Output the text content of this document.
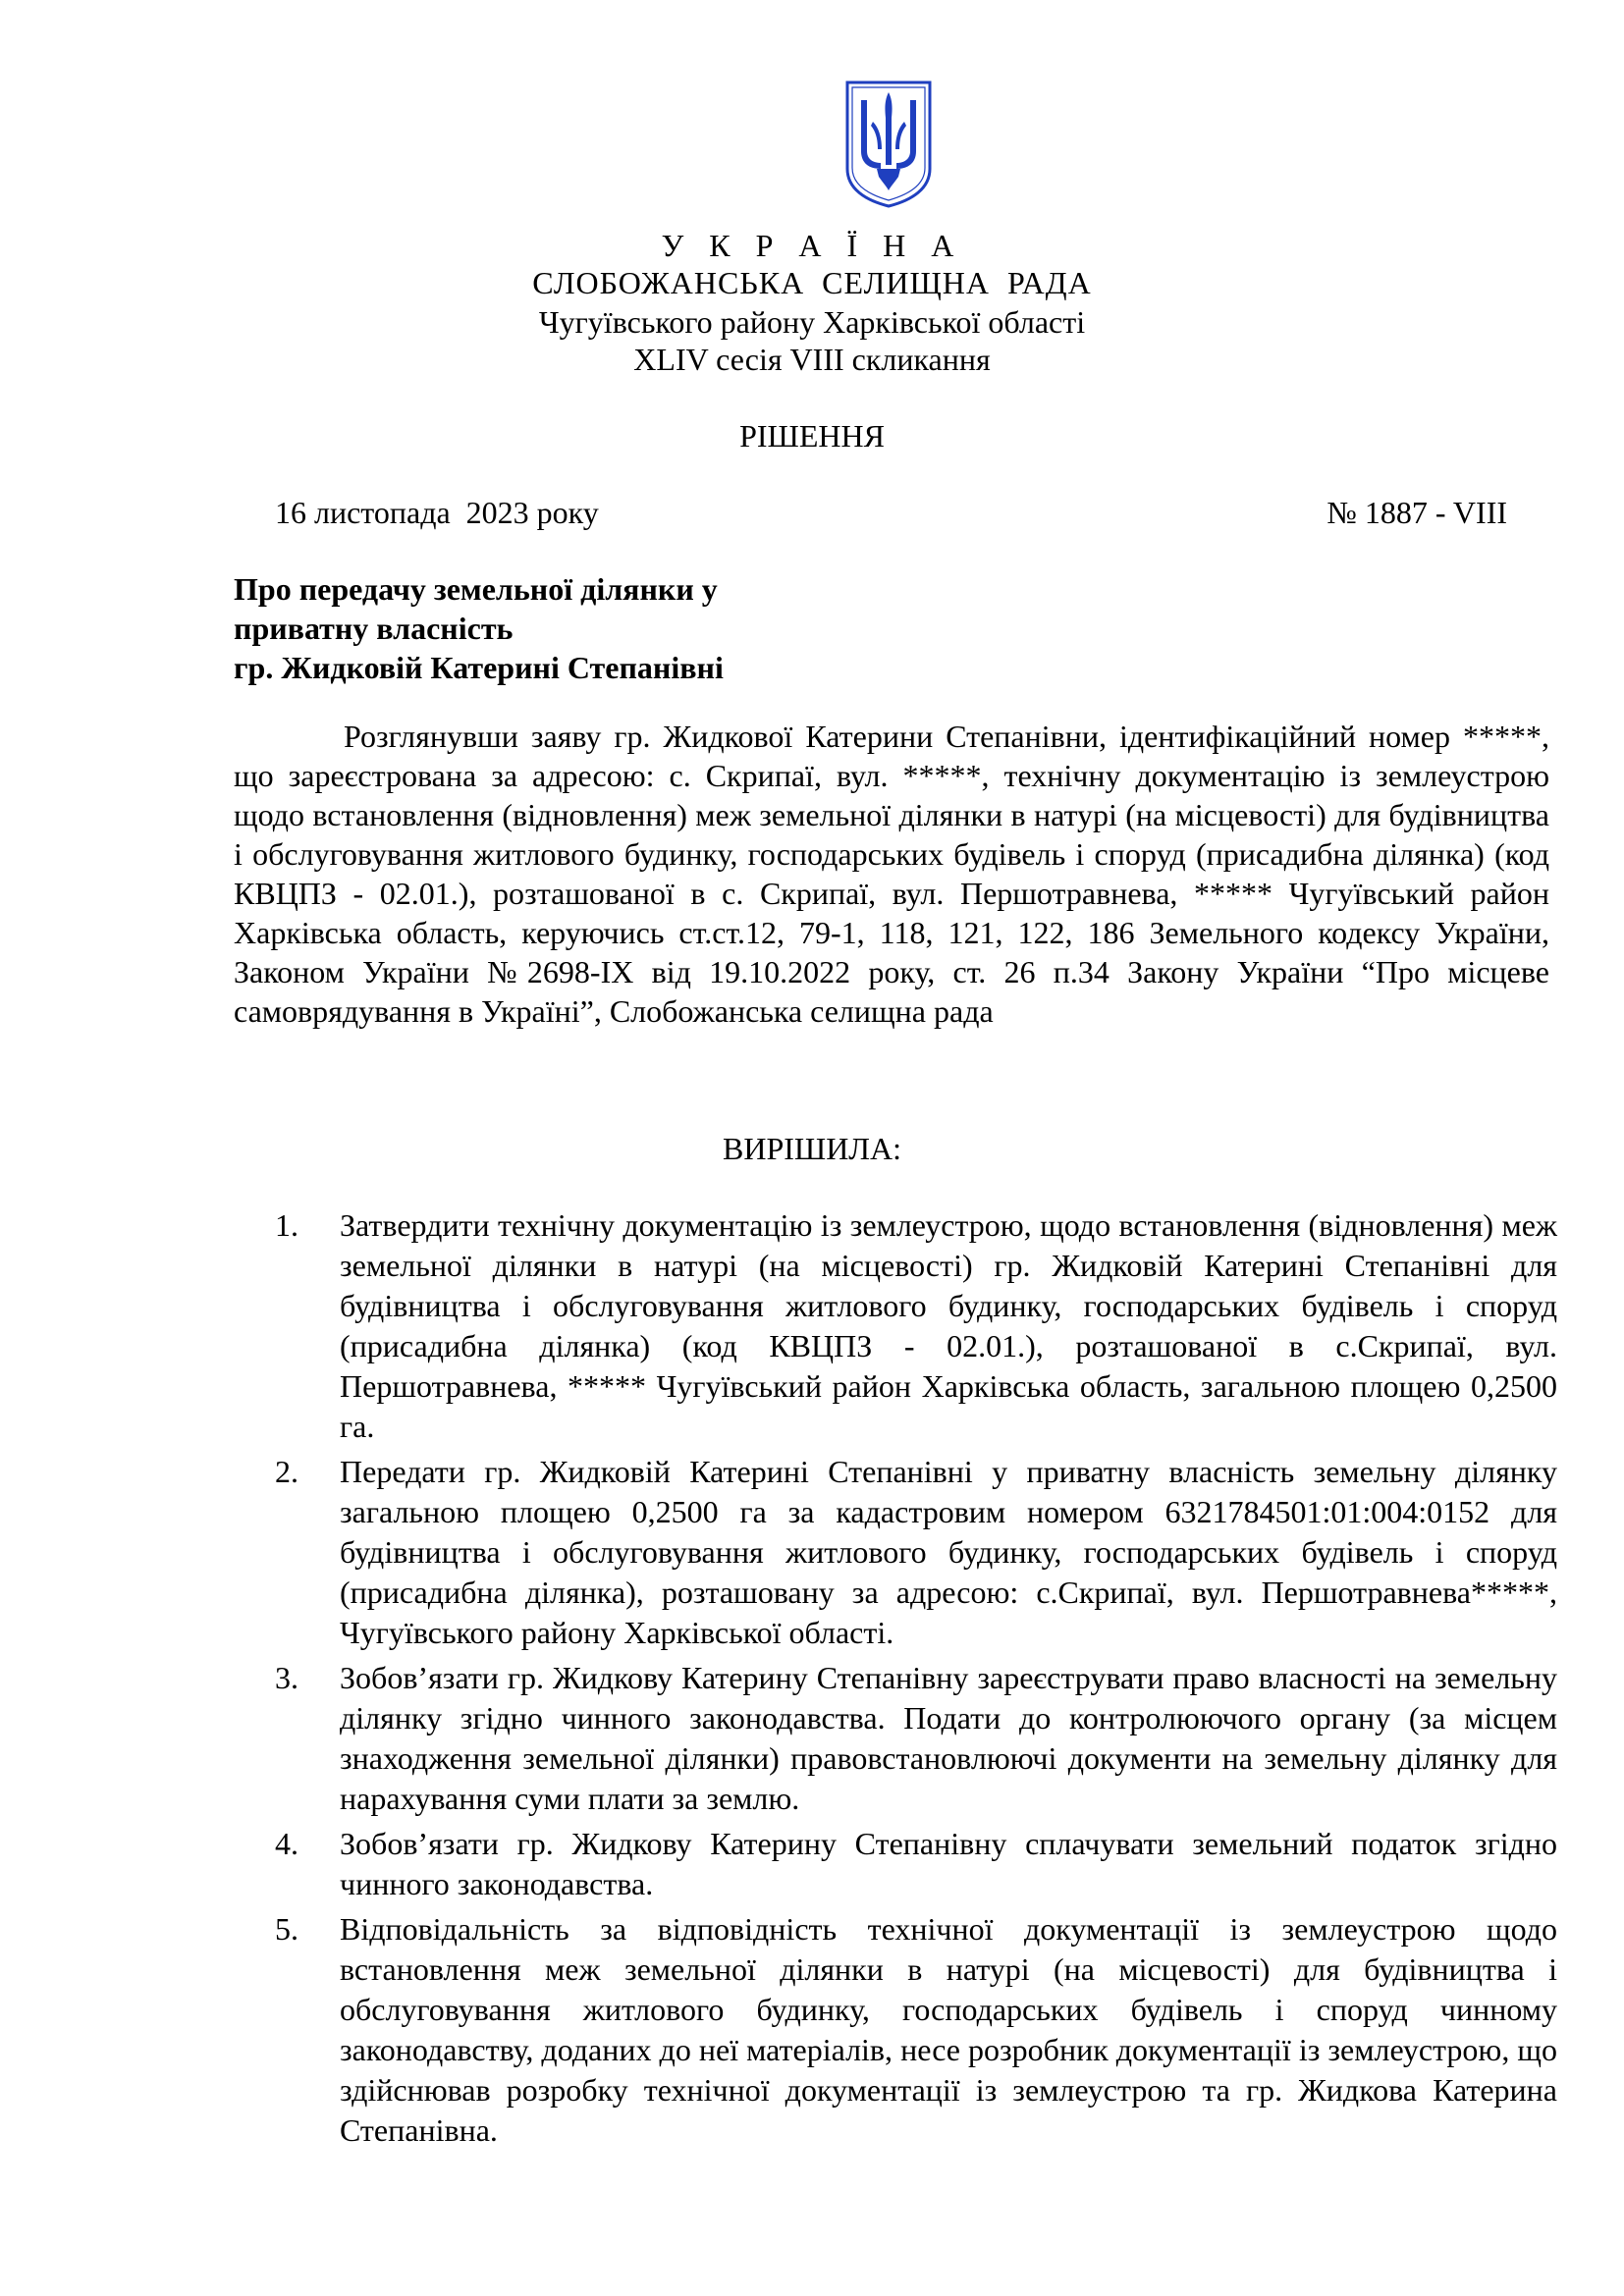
У К Р А Ї Н А
СЛОБОЖАНСЬКА  СЕЛИЩНА  РАДА
Чугуївського району Харківської області
XLIV сесія VIII скликання
РІШЕННЯ
16 листопада  2023 року	№ 1887 - VIII
Про передачу земельної ділянки у
приватну власність
гр. Жидковій Катерині Степанівні

Розглянувши заяву гр. Жидкової Катерини Степанівни, ідентифікаційний номер *****, що зареєстрована за адресою: с. Скрипаї, вул. *****, технічну документацію із землеустрою щодо встановлення (відновлення) меж земельної ділянки в натурі (на місцевості) для будівництва і обслуговування житлового будинку, господарських будівель і споруд (присадибна ділянка) (код КВЦПЗ - 02.01.), розташованої в с. Скрипаї, вул. Першотравнева, ***** Чугуївський район Харківська область, керуючись ст.ст.12, 79-1, 118, 121, 122, 186 Земельного кодексу України, Законом України №2698-IX від 19.10.2022 року, ст. 26 п.34 Закону України “Про місцеве самоврядування в Україні”, Слобожанська селищна рада

ВИРІШИЛА:
1. Затвердити технічну документацію із землеустрою, щодо встановлення (відновлення) меж земельної ділянки в натурі (на місцевості) гр. Жидковій Катерині Степанівні для будівництва і обслуговування житлового будинку, господарських будівель і споруд (присадибна ділянка) (код КВЦПЗ - 02.01.), розташованої в с.Скрипаї, вул. Першотравнева, ***** Чугуївський район Харківська область, загальною площею 0,2500 га.
2. Передати гр. Жидковій Катерині Степанівні у приватну власність земельну ділянку загальною площею 0,2500 га за кадастровим номером 6321784501:01:004:0152 для будівництва і обслуговування житлового будинку, господарських будівель і споруд (присадибна ділянка), розташовану за адресою: с.Скрипаї, вул. Першотравнева*****, Чугуївського району Харківської області.
3. Зобов’язати гр. Жидкову Катерину Степанівну зареєструвати право власності на земельну ділянку згідно чинного законодавства. Подати до контролюючого органу (за місцем знаходження земельної ділянки) правовстановлюючі документи на земельну ділянку для нарахування суми плати за землю.
4. Зобов’язати гр. Жидкову Катерину Степанівну сплачувати земельний податок згідно чинного законодавства.
5. Відповідальність за відповідність технічної документації із землеустрою щодо встановлення меж земельної ділянки в натурі (на місцевості) для будівництва і обслуговування житлового будинку, господарських будівель і споруд чинному законодавству, доданих до неї матеріалів, несе розробник документації із землеустрою, що здійснював розробку технічної документації із землеустрою та гр. Жидкова Катерина Степанівна.
